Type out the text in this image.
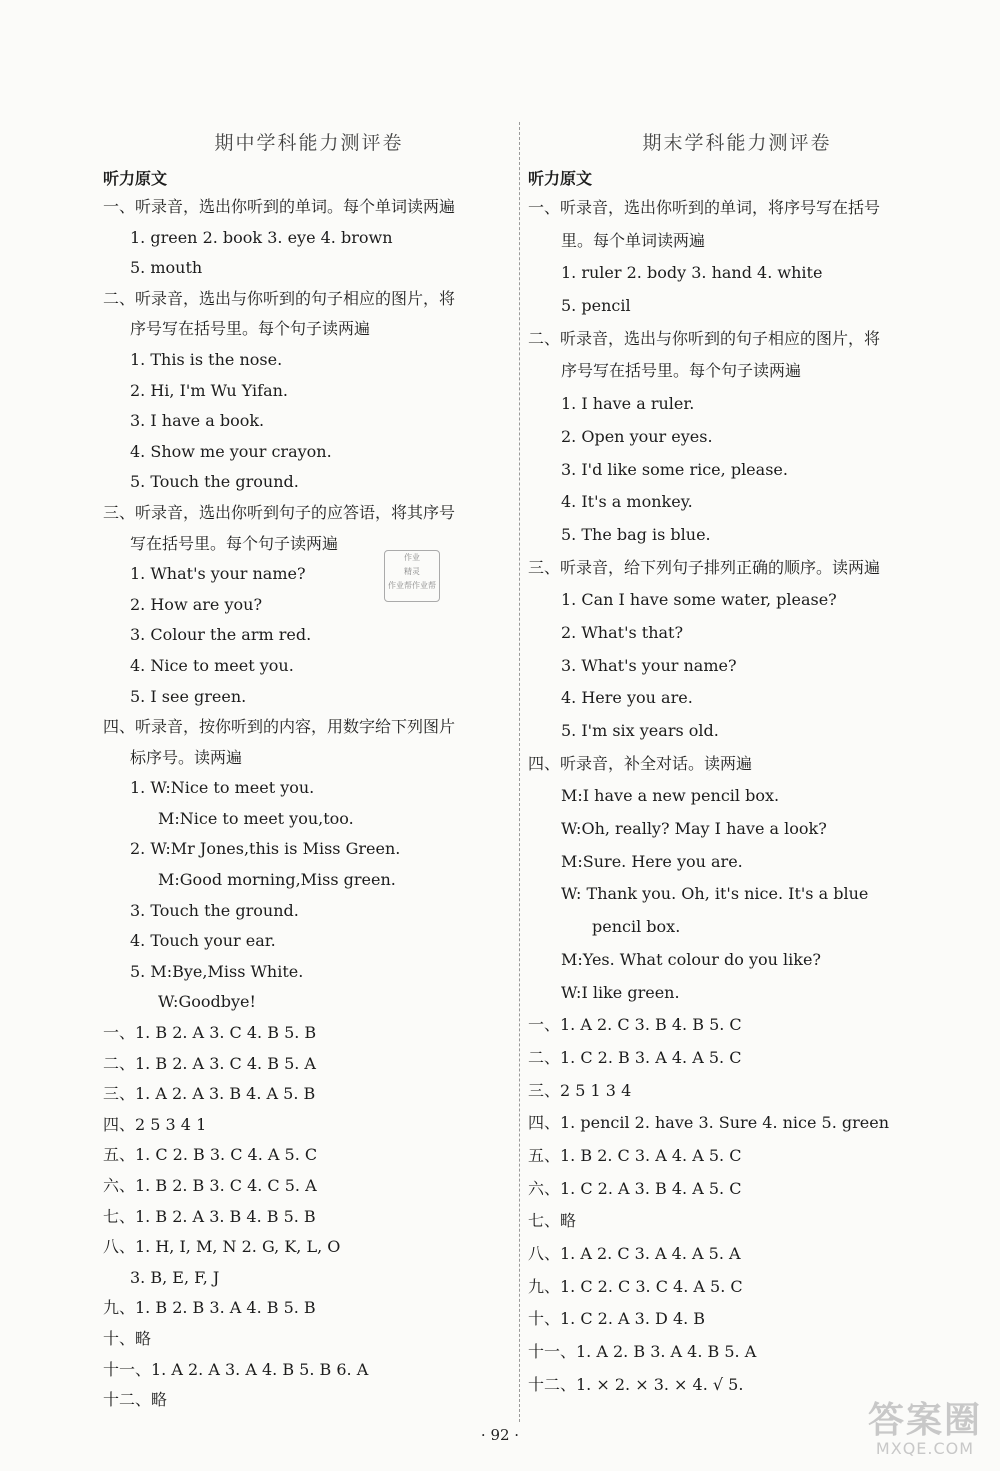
期中学科能力测评卷
听力原文
一、听录音，选出你听到的单词。每个单词读两遍
1. green 2. book 3. eye 4. brown
5. mouth
二、听录音，选出与你听到的句子相应的图片，将
序号写在括号里。每个句子读两遍
1. This is the nose.
2. Hi, I'm Wu Yifan.
3. I have a book.
4. Show me your crayon.
5. Touch the ground.
三、听录音，选出你听到句子的应答语，将其序号
写在括号里。每个句子读两遍
1. What's your name?
2. How are you?
3. Colour the arm red.
4. Nice to meet you.
5. I see green.
四、听录音，按你听到的内容，用数字给下列图片
标序号。读两遍
1. W:Nice to meet you.
M:Nice to meet you,too.
2. W:Mr Jones,this is Miss Green.
M:Good morning,Miss green.
3. Touch the ground.
4. Touch your ear.
5. M:Bye,Miss White.
W:Goodbye!
一、1. B 2. A 3. C 4. B 5. B
二、1. B 2. A 3. C 4. B 5. A
三、1. A 2. A 3. B 4. A 5. B
四、2 5 3 4 1
五、1. C 2. B 3. C 4. A 5. C
六、1. B 2. B 3. C 4. C 5. A
七、1. B 2. A 3. B 4. B 5. B
八、1. H, I, M, N 2. G, K, L, O
3. B, E, F, J
九、1. B 2. B 3. A 4. B 5. B
十、略
十一、1. A 2. A 3. A 4. B 5. B 6. A
十二、略
期末学科能力测评卷
听力原文
一、听录音，选出你听到的单词，将序号写在括号
里。每个单词读两遍
1. ruler 2. body 3. hand 4. white
5. pencil
二、听录音，选出与你听到的句子相应的图片，将
序号写在括号里。每个句子读两遍
1. I have a ruler.
2. Open your eyes.
3. I'd like some rice, please.
4. It's a monkey.
5. The bag is blue.
三、听录音，给下列句子排列正确的顺序。读两遍
1. Can I have some water, please?
2. What's that?
3. What's your name?
4. Here you are.
5. I'm six years old.
四、听录音，补全对话。读两遍
M:I have a new pencil box.
W:Oh, really? May I have a look?
M:Sure. Here you are.
W: Thank you. Oh, it's nice. It's a blue
pencil box.
M:Yes. What colour do you like?
W:I like green.
一、1. A 2. C 3. B 4. B 5. C
二、1. C 2. B 3. A 4. A 5. C
三、2 5 1 3 4
四、1. pencil 2. have 3. Sure 4. nice 5. green
五、1. B 2. C 3. A 4. A 5. C
六、1. C 2. A 3. B 4. A 5. C
七、略
八、1. A 2. C 3. A 4. A 5. A
九、1. C 2. C 3. C 4. A 5. C
十、1. C 2. A 3. D 4. B
十一、1. A 2. B 3. A 4. B 5. A
十二、1. × 2. × 3. × 4. √ 5.
作业
精灵
作业帮作业帮
· 92 ·	答案圈
MXQE.COM
